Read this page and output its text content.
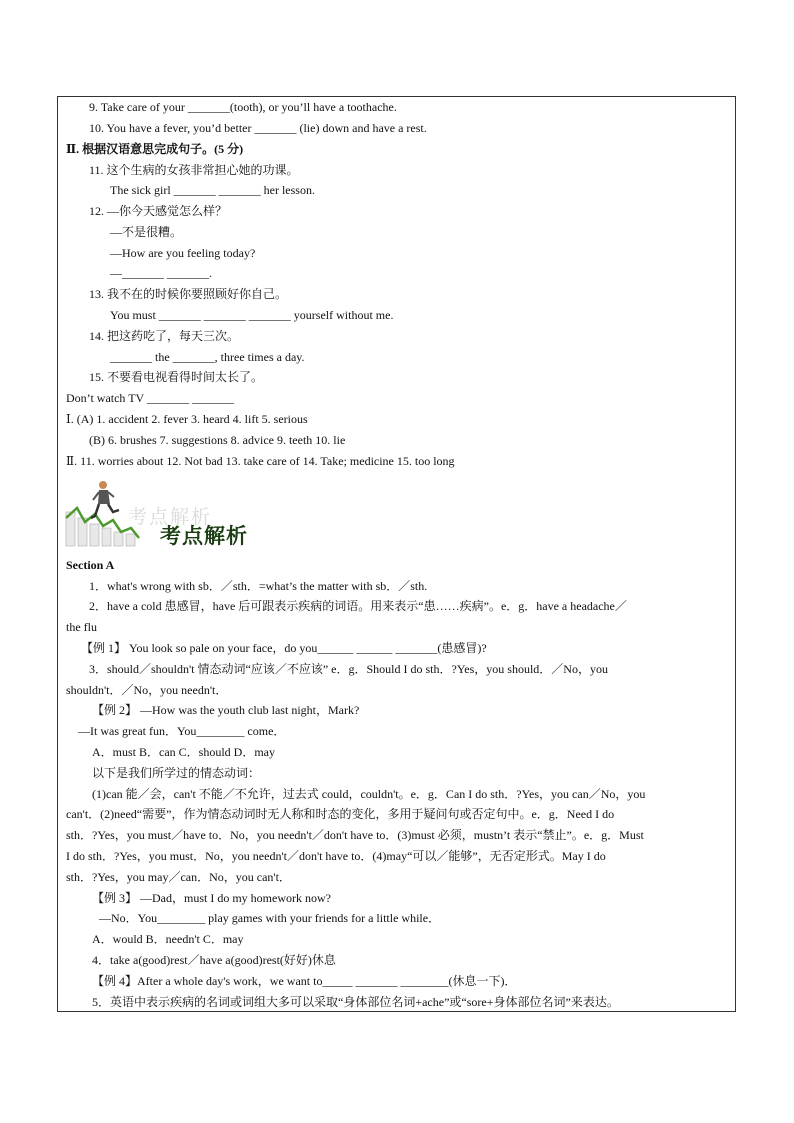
9. Take care of your _______(tooth), or you’ll have a toothache.
10. You have a fever, you’d better _______ (lie) down and have a rest.
Ⅱ. 根据汉语意思完成句子。(5 分)
11. 这个生病的女孩非常担心她的功课。
The sick girl _______ _______ her lesson.
12. —你今天感觉怎么样？
—不是很糟。
—How are you feeling today?
—_______ _______.
13. 我不在的时候你要照顾好你自己。
You must _______ _______ _______ yourself without me.
14. 把这药吃了，每天三次。
_______ the _______, three times a day.
15. 不要看电视看得时间太长了。
Don’t watch TV _______ _______
Ⅰ. (A) 1. accident 2. fever 3. heard 4. lift 5. serious
(B) 6. brushes 7. suggestions 8. advice 9. teeth 10. lie
Ⅱ. 11. worries about 12. Not bad 13. take care of 14. Take; medicine 15. too long
考点解析
考点解析
Section A
1．what's wrong with sb．／sth．=what’s the matter with sb．／sth.
2．have a cold 患感冒，have 后可跟表示疾病的词语。用来表示“患……疾病”。e．g．have a headache／
the flu
【例 1】 You look so pale on your face，do you______ ______ _______(患感冒)?
3．should／shouldn't 情态动词“应该／不应该” e．g．Should I do sth．?Yes，you should．／No，you
shouldn't．／No，you needn't．
【例 2】 —How was the youth club last night，Mark?
—It was great fun．You________ come．
A．must B．can C．should D．may
以下是我们所学过的情态动词：
(1)can 能／会，can't 不能／不允许，过去式 could，couldn't。e．g．Can I do sth．?Yes，you can／No，you
can't．(2)need“需要”，作为情态动词时无人称和时态的变化，多用于疑问句或否定句中。e．g．Need I do
sth．?Yes，you must／have to．No，you needn't／don't have to．(3)must 必须，mustn’t 表示“禁止”。e．g．Must
I do sth．?Yes，you must．No，you needn't／don't have to．(4)may“可以／能够”，无否定形式。May I do
sth．?Yes，you may／can．No，you can't．
【例 3】 —Dad，must I do my homework now?
—No．You________ play games with your friends for a little while．
A．would B．needn't C．may
4．take a(good)rest／have a(good)rest(好好)休息
【例 4】After a whole day's work，we want to_____ _______ ________(休息一下)．
5．英语中表示疾病的名词或词组大多可以采取“身体部位名词+ache”或“sore+身体部位名词”来表达。
